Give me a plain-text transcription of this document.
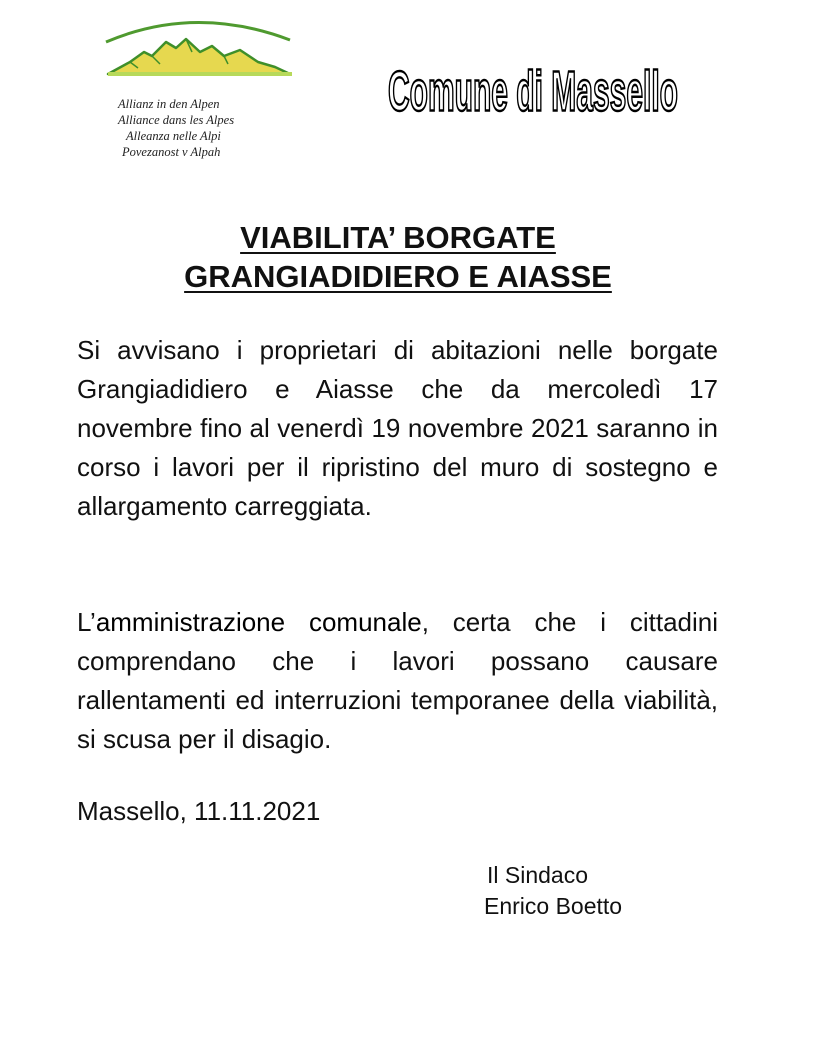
Allianz in den Alpen
Alliance dans les Alpes
Alleanza nelle Alpi
Povezanost v Alpah
Comune di Massello
VIABILITA’ BORGATE
GRANGIADIDIERO E AIASSE

Si avvisano i proprietari di abitazioni nelle borgate Grangiadidiero e Aiasse che da mercoledì 17 novembre fino al venerdì 19 novembre 2021 saranno in corso i lavori per il ripristino del muro di sostegno e allargamento carreggiata.

L’amministrazione comunale, certa che i cittadini comprendano che i lavori possano causare rallentamenti ed interruzioni temporanee della viabilità, si scusa per il disagio.

Massello, 11.11.2021
Il Sindaco
Enrico Boetto
